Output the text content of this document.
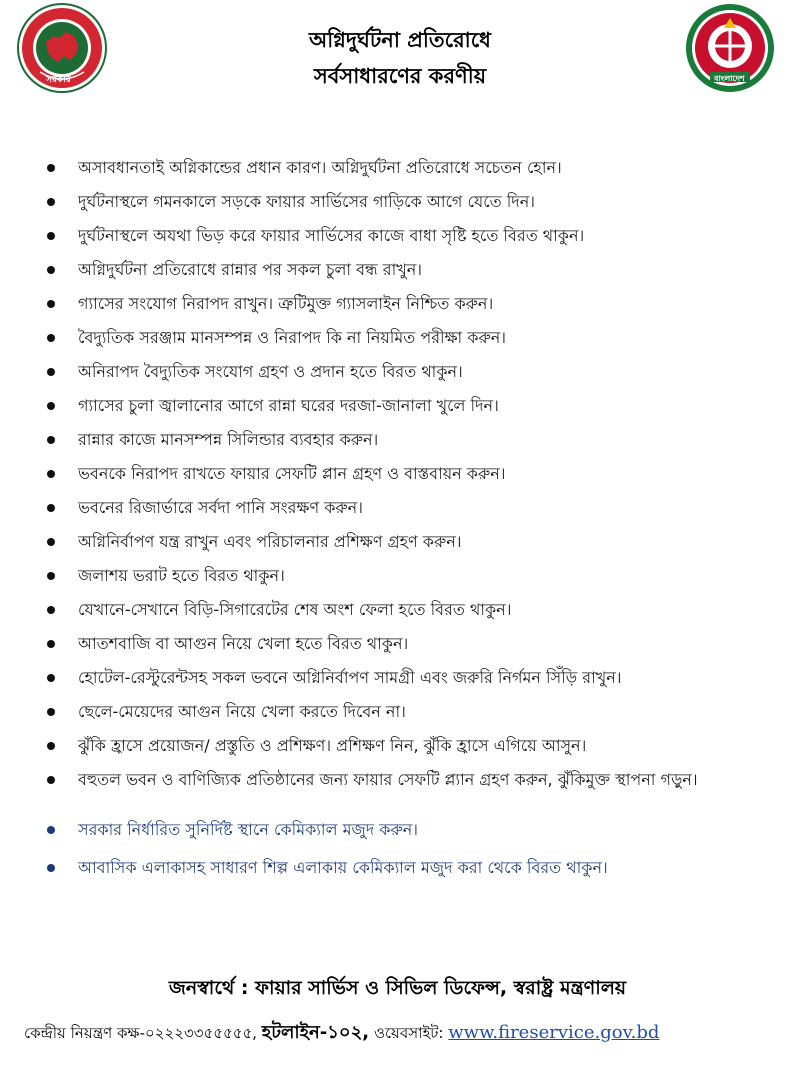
সরকার
অগ্নিদুর্ঘটনা প্রতিরোধে
সর্বসাধারণের করণীয়	বাংলাদেশ
অসাবধানতাই অগ্নিকান্ডের প্রধান কারণ। অগ্নিদুর্ঘটনা প্রতিরোধে সচেতন হোন।
দুর্ঘটনাস্থলে গমনকালে সড়কে ফায়ার সার্ভিসের গাড়িকে আগে যেতে দিন।
দুর্ঘটনাস্থলে অযথা ভিড় করে ফায়ার সার্ভিসের কাজে বাধা সৃষ্টি হতে বিরত থাকুন।
অগ্নিদুর্ঘটনা প্রতিরোধে রান্নার পর সকল চুলা বন্ধ রাখুন।
গ্যাসের সংযোগ নিরাপদ রাখুন। ত্রুটিমুক্ত গ্যাসলাইন নিশ্চিত করুন।
বৈদ্যুতিক সরঞ্জাম মানসম্পন্ন ও নিরাপদ কি না নিয়মিত পরীক্ষা করুন।
অনিরাপদ বৈদ্যুতিক সংযোগ গ্রহণ ও প্রদান হতে বিরত থাকুন।
গ্যাসের চুলা জ্বালানোর আগে রান্না ঘরের দরজা-জানালা খুলে দিন।
রান্নার কাজে মানসম্পন্ন সিলিন্ডার ব্যবহার করুন।
ভবনকে নিরাপদ রাখতে ফায়ার সেফটি প্লান গ্রহণ ও বাস্তবায়ন করুন।
ভবনের রিজার্ভারে সর্বদা পানি সংরক্ষণ করুন।
অগ্নিনির্বাপণ যন্ত্র রাখুন এবং পরিচালনার প্রশিক্ষণ গ্রহণ করুন।
জলাশয় ভরাট হতে বিরত থাকুন।
যেখানে-সেখানে বিড়ি-সিগারেটের শেষ অংশ ফেলা হতে বিরত থাকুন।
আতশবাজি বা আগুন নিয়ে খেলা হতে বিরত থাকুন।
হোটেল-রেস্টুরেন্টসহ সকল ভবনে অগ্নিনির্বাপণ সামগ্রী এবং জরুরি নির্গমন সিঁড়ি রাখুন।
ছেলে-মেয়েদের আগুন নিয়ে খেলা করতে দিবেন না।
ঝুঁকি হ্রাসে প্রয়োজন/ প্রস্তুতি ও প্রশিক্ষণ। প্রশিক্ষণ নিন, ঝুঁকি হ্রাসে এগিয়ে আসুন।
বহুতল ভবন ও বাণিজ্যিক প্রতিষ্ঠানের জন্য ফায়ার সেফটি প্ল্যান গ্রহণ করুন, ঝুঁকিমুক্ত স্থাপনা গড়ুন।
সরকার নির্ধারিত সুনির্দিষ্ট স্থানে কেমিক্যাল মজুদ করুন।
আবাসিক এলাকাসহ সাধারণ শিল্প এলাকায় কেমিক্যাল মজুদ করা থেকে বিরত থাকুন।
জনস্বার্থে : ফায়ার সার্ভিস ও সিভিল ডিফেন্স, স্বরাষ্ট্র মন্ত্রণালয়
কেন্দ্রীয় নিয়ন্ত্রণ কক্ষ-০২২২৩৩৫৫৫৫৫, হটলাইন-১০২, ওয়েবসাইট: www.fireservice.gov.bd
